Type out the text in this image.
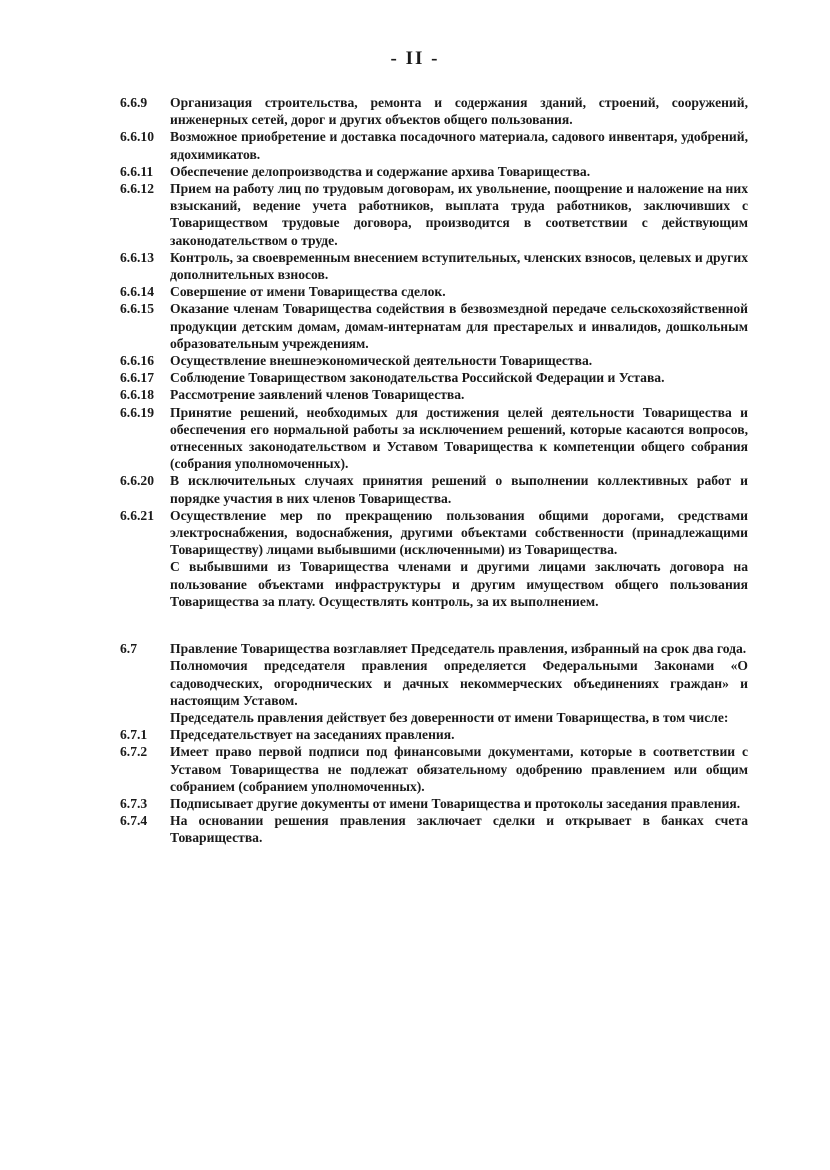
- II -
6.6.9	Организация строительства, ремонта и содержания зданий, строений, сооружений, инженерных сетей, дорог и других объектов общего пользования.

6.6.10	Возможное приобретение и доставка посадочного материала, садового инвентаря, удобрений, ядохимикатов.

6.6.11	Обеспечение делопроизводства и содержание архива Товарищества.

6.6.12	Прием на работу лиц по трудовым договорам, их увольнение, поощрение и наложение на них взысканий, ведение учета работников, выплата труда работников, заключивших с Товариществом трудовые договора, производится в соответствии с действующим законодательством о труде.

6.6.13	Контроль, за своевременным внесением вступительных, членских взносов, целевых и других дополнительных взносов.

6.6.14	Совершение от имени Товарищества сделок.

6.6.15	Оказание членам Товарищества содействия в безвозмездной передаче сельскохозяйственной продукции детским домам, домам-интернатам для престарелых и инвалидов, дошкольным образовательным учреждениям.

6.6.16	Осуществление внешнеэкономической деятельности Товарищества.

6.6.17	Соблюдение Товариществом законодательства Российской Федерации и Устава.

6.6.18	Рассмотрение заявлений членов Товарищества.

6.6.19	Принятие решений, необходимых для достижения целей деятельности Товарищества и обеспечения его нормальной работы за исключением решений, которые касаются вопросов, отнесенных законодательством и Уставом Товарищества к компетенции общего собрания (собрания уполномоченных).

6.6.20	В исключительных случаях принятия решений о выполнении коллективных работ и порядке участия в них членов Товарищества.

6.6.21	Осуществление мер по прекращению пользования общими дорогами, средствами электроснабжения, водоснабжения, другими объектами собственности (принадлежащими Товариществу) лицами выбывшими (исключенными) из Товарищества.

С выбывшими из Товарищества членами и другими лицами заключать договора на пользование объектами инфраструктуры и другим имуществом общего пользования Товарищества за плату. Осуществлять контроль, за их выполнением.

6.7	Правление Товарищества возглавляет Председатель правления, избранный на срок два года.

Полномочия председателя правления определяется Федеральными Законами «О садоводческих, огороднических и дачных некоммерческих объединениях граждан» и настоящим Уставом.

Председатель правления действует без доверенности от имени Товарищества, в том числе:

6.7.1	Председательствует на заседаниях правления.

6.7.2	Имеет право первой подписи под финансовыми документами, которые в соответствии с Уставом Товарищества не подлежат обязательному одобрению правлением или общим собранием (собранием уполномоченных).

6.7.3	Подписывает другие документы от имени Товарищества и протоколы заседания правления.

6.7.4	На основании решения правления заключает сделки и открывает в банках счета Товарищества.
